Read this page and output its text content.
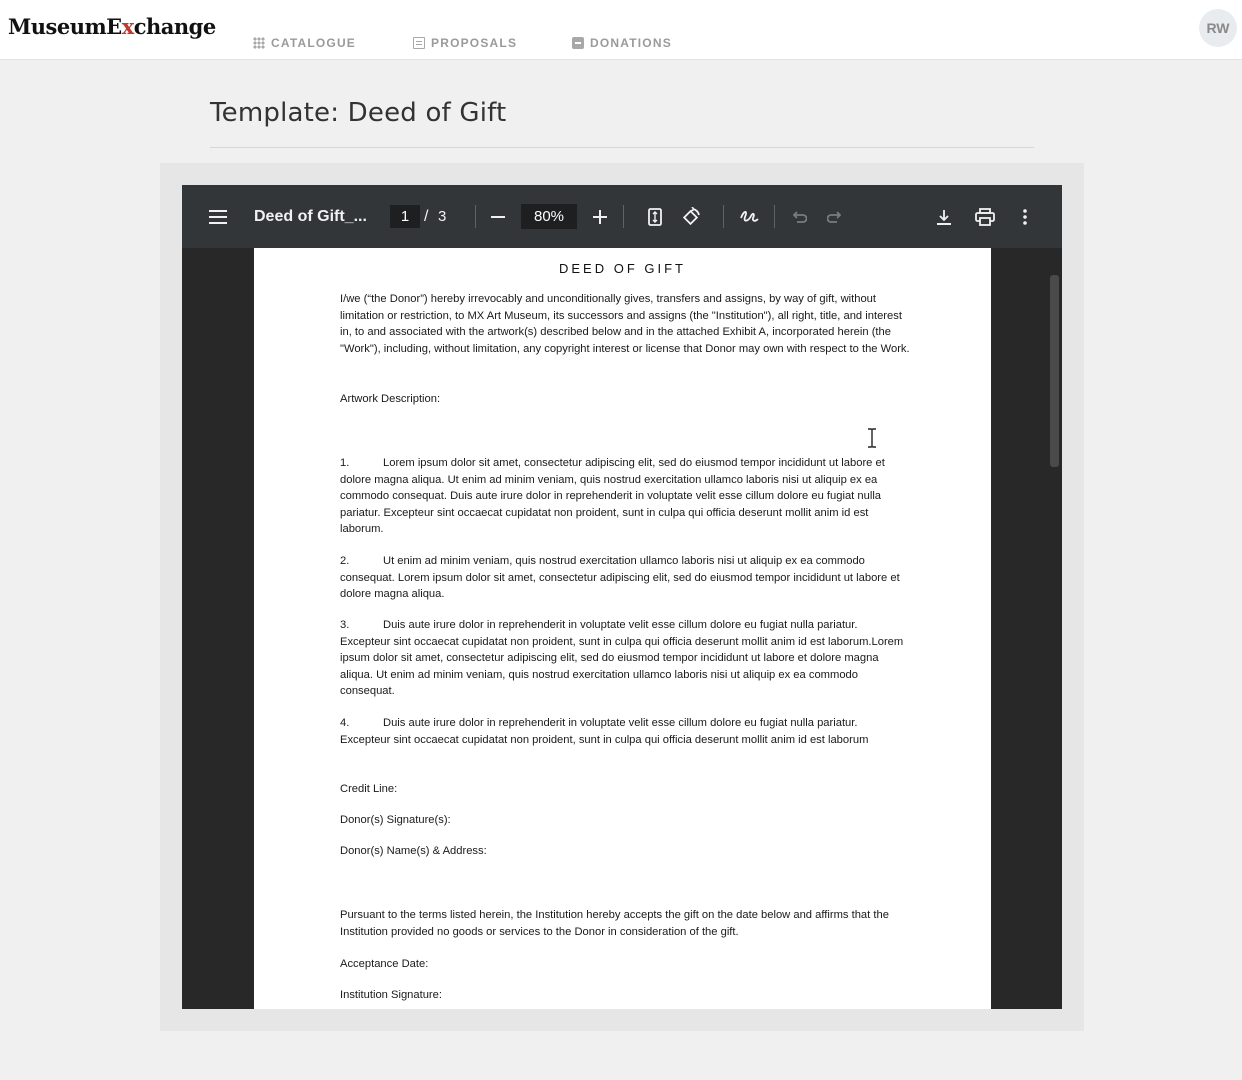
MuseumExchange
CATALOGUE	PROPOSALS	DONATIONS
RW
Template: Deed of Gift
Deed of Gift_...	1 / 3	80%
DEED OF GIFT

I/we (“the Donor”) hereby irrevocably and unconditionally gives, transfers and assigns, by way of gift, without limitation or restriction, to MX Art Museum, its successors and assigns (the "Institution"), all right, title, and interest in, to and associated with the artwork(s) described below and in the attached Exhibit A, incorporated herein (the "Work"), including, without limitation, any copyright interest or license that Donor may own with respect to the Work.

Artwork Description:

1.	Lorem ipsum dolor sit amet, consectetur adipiscing elit, sed do eiusmod tempor incididunt ut labore et dolore magna aliqua. Ut enim ad minim veniam, quis nostrud exercitation ullamco laboris nisi ut aliquip ex ea commodo consequat. Duis aute irure dolor in reprehenderit in voluptate velit esse cillum dolore eu fugiat nulla pariatur. Excepteur sint occaecat cupidatat non proident, sunt in culpa qui officia deserunt mollit anim id est laborum.

2.	Ut enim ad minim veniam, quis nostrud exercitation ullamco laboris nisi ut aliquip ex ea commodo consequat. Lorem ipsum dolor sit amet, consectetur adipiscing elit, sed do eiusmod tempor incididunt ut labore et dolore magna aliqua.

3.	Duis aute irure dolor in reprehenderit in voluptate velit esse cillum dolore eu fugiat nulla pariatur. Excepteur sint occaecat cupidatat non proident, sunt in culpa qui officia deserunt mollit anim id est laborum.Lorem ipsum dolor sit amet, consectetur adipiscing elit, sed do eiusmod tempor incididunt ut labore et dolore magna aliqua. Ut enim ad minim veniam, quis nostrud exercitation ullamco laboris nisi ut aliquip ex ea commodo consequat.

4.	Duis aute irure dolor in reprehenderit in voluptate velit esse cillum dolore eu fugiat nulla pariatur. Excepteur sint occaecat cupidatat non proident, sunt in culpa qui officia deserunt mollit anim id est laborum

Credit Line:

Donor(s) Signature(s):

Donor(s) Name(s) & Address:

Pursuant to the terms listed herein, the Institution hereby accepts the gift on the date below and affirms that the Institution provided no goods or services to the Donor in consideration of the gift.

Acceptance Date:

Institution Signature:
